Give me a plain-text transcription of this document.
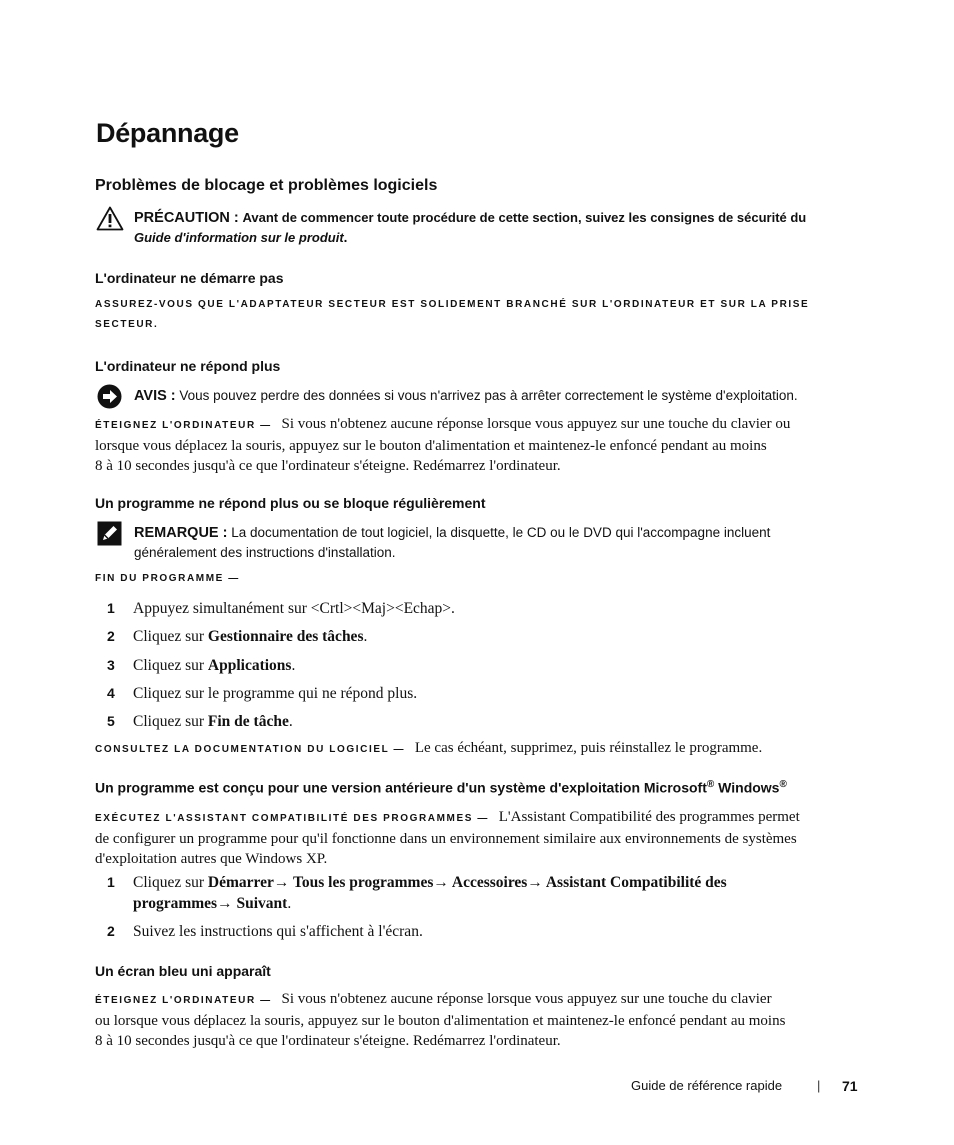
Dépannage
Problèmes de blocage et problèmes logiciels
PRÉCAUTION : Avant de commencer toute procédure de cette section, suivez les consignes de sécurité du
Guide d'information sur le produit.
L'ordinateur ne démarre pas
ASSUREZ-VOUS QUE L'ADAPTATEUR SECTEUR EST SOLIDEMENT BRANCHÉ SUR L'ORDINATEUR ET SUR LA PRISE
SECTEUR.
L'ordinateur ne répond plus
AVIS : Vous pouvez perdre des données si vous n'arrivez pas à arrêter correctement le système d'exploitation.
ÉTEIGNEZ L'ORDINATEUR — Si vous n'obtenez aucune réponse lorsque vous appuyez sur une touche du clavier ou
lorsque vous déplacez la souris, appuyez sur le bouton d'alimentation et maintenez-le enfoncé pendant au moins
8 à 10 secondes jusqu'à ce que l'ordinateur s'éteigne. Redémarrez l'ordinateur.
Un programme ne répond plus ou se bloque régulièrement
REMARQUE : La documentation de tout logiciel, la disquette, le CD ou le DVD qui l'accompagne incluent
généralement des instructions d'installation.
FIN DU PROGRAMME —
1 Appuyez simultanément sur <Crtl><Maj><Echap>.
2 Cliquez sur Gestionnaire des tâches.
3 Cliquez sur Applications.
4 Cliquez sur le programme qui ne répond plus.
5 Cliquez sur Fin de tâche.
CONSULTEZ LA DOCUMENTATION DU LOGICIEL — Le cas échéant, supprimez, puis réinstallez le programme.
Un programme est conçu pour une version antérieure d'un système d'exploitation Microsoft® Windows®
EXÉCUTEZ L'ASSISTANT COMPATIBILITÉ DES PROGRAMMES — L'Assistant Compatibilité des programmes permet
de configurer un programme pour qu'il fonctionne dans un environnement similaire aux environnements de systèmes
d'exploitation autres que Windows XP.
1 Cliquez sur Démarrer→ Tous les programmes→ Accessoires→ Assistant Compatibilité des
programmes→ Suivant.
2 Suivez les instructions qui s'affichent à l'écran.
Un écran bleu uni apparaît
ÉTEIGNEZ L'ORDINATEUR — Si vous n'obtenez aucune réponse lorsque vous appuyez sur une touche du clavier
ou lorsque vous déplacez la souris, appuyez sur le bouton d'alimentation et maintenez-le enfoncé pendant au moins
8 à 10 secondes jusqu'à ce que l'ordinateur s'éteigne. Redémarrez l'ordinateur.
Guide de référence rapide	| 71
